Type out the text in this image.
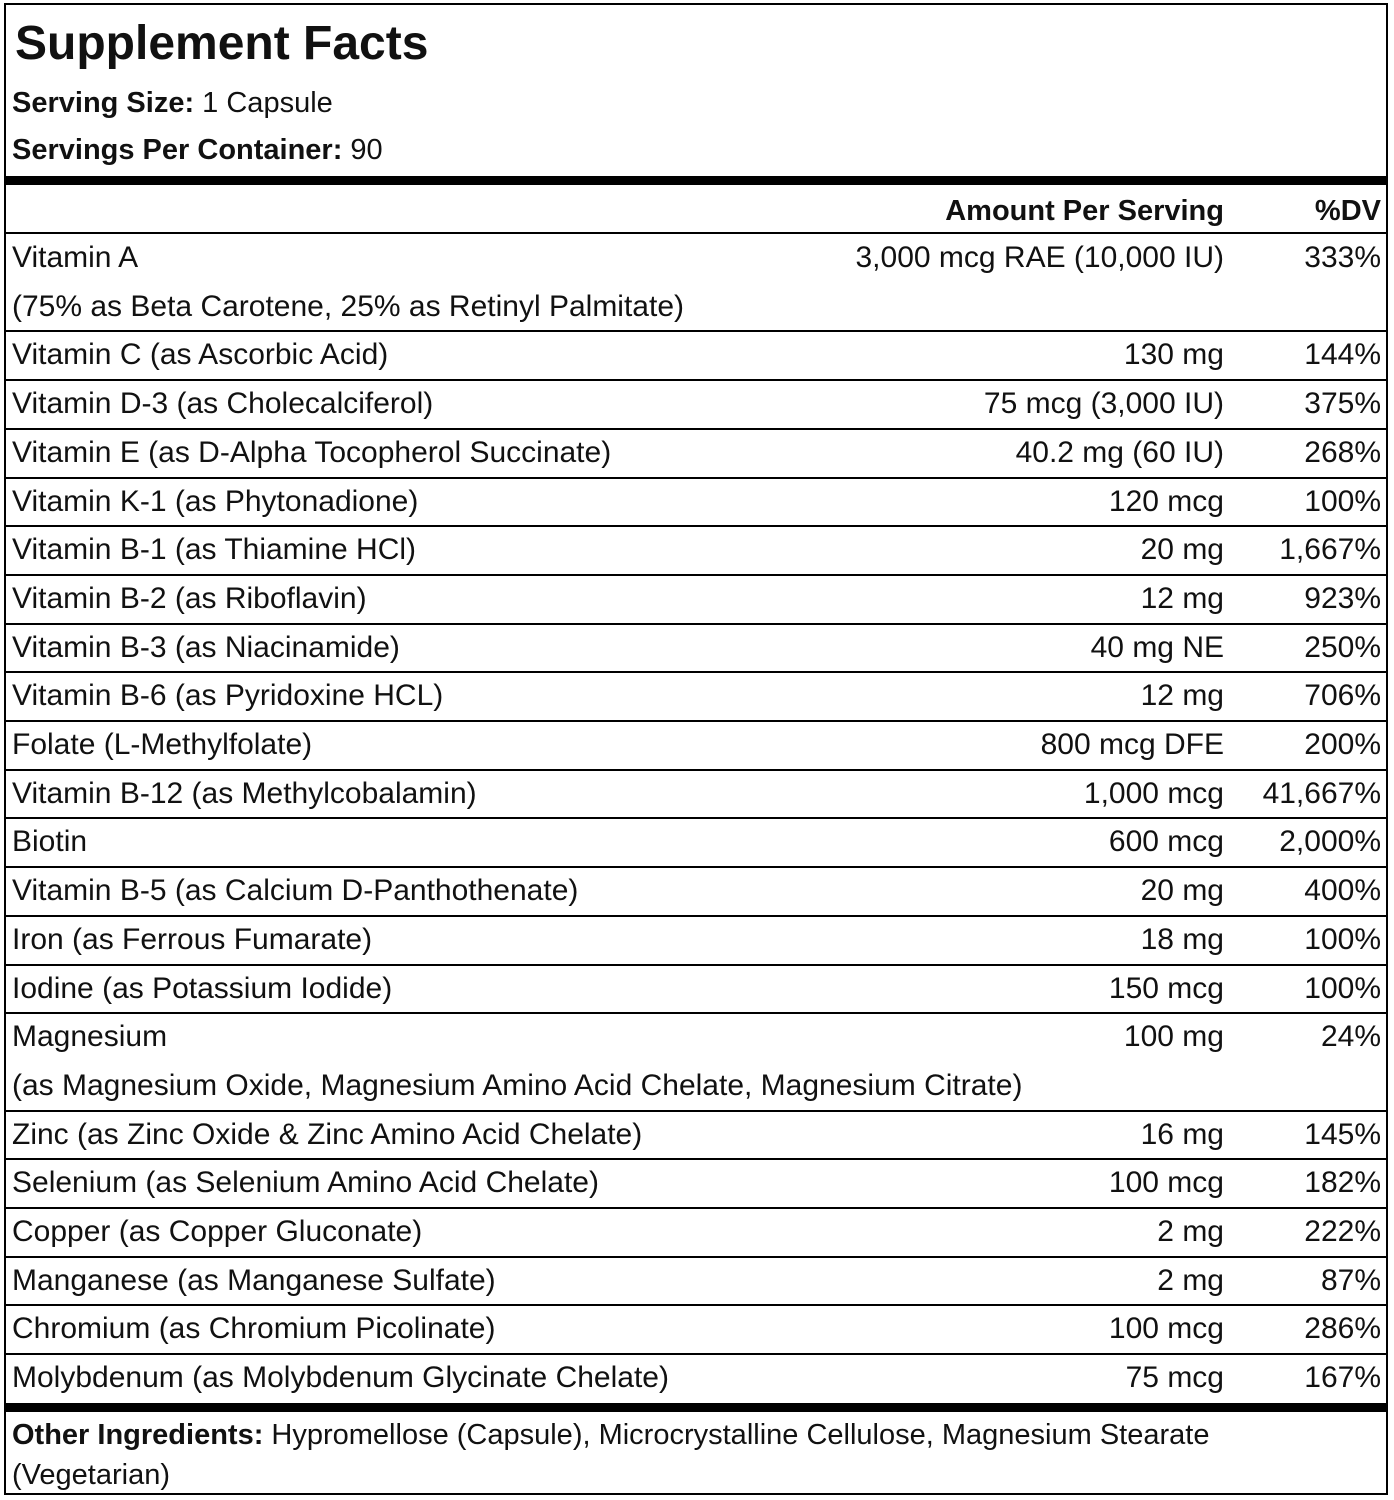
Supplement Facts
Serving Size: 1 Capsule
Servings Per Container: 90
Amount Per Serving	%DV
Vitamin A	3,000 mcg RAE (10,000 IU)	333%
(75% as Beta Carotene, 25% as Retinyl Palmitate)
Vitamin C (as Ascorbic Acid)	130 mg	144%
Vitamin D-3 (as Cholecalciferol)	75 mcg (3,000 IU)	375%
Vitamin E (as D-Alpha Tocopherol Succinate)	40.2 mg (60 IU)	268%
Vitamin K-1 (as Phytonadione)	120 mcg	100%
Vitamin B-1 (as Thiamine HCl)	20 mg 1,667%
Vitamin B-2 (as Riboflavin)	12 mg	923%
Vitamin B-3 (as Niacinamide)	40 mg NE	250%
Vitamin B-6 (as Pyridoxine HCL)	12 mg	706%
Folate (L-Methylfolate)	800 mcg DFE	200%
Vitamin B-12 (as Methylcobalamin)	1,000 mcg 41,667%
Biotin	600 mcg 2,000%
Vitamin B-5 (as Calcium D-Panthothenate)	20 mg	400%
Iron (as Ferrous Fumarate)	18 mg	100%
Iodine (as Potassium Iodide)	150 mcg	100%
Magnesium	100 mg	24%
(as Magnesium Oxide, Magnesium Amino Acid Chelate, Magnesium Citrate)
Zinc (as Zinc Oxide & Zinc Amino Acid Chelate)	16 mg	145%
Selenium (as Selenium Amino Acid Chelate)	100 mcg	182%
Copper (as Copper Gluconate)	2 mg	222%
Manganese (as Manganese Sulfate)	2 mg	87%
Chromium (as Chromium Picolinate)	100 mcg	286%
Molybdenum (as Molybdenum Glycinate Chelate)	75 mcg	167%
Other Ingredients: Hypromellose (Capsule), Microcrystalline Cellulose, Magnesium Stearate (Vegetarian)
